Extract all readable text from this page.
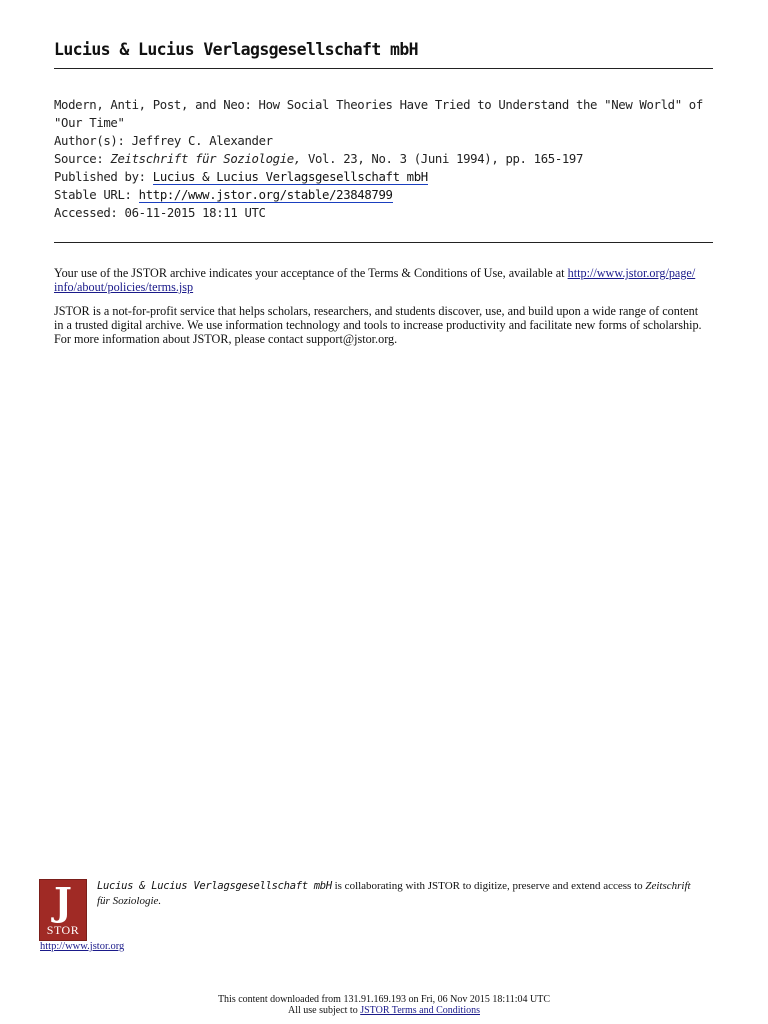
Lucius & Lucius Verlagsgesellschaft mbH
Modern, Anti, Post, and Neo: How Social Theories Have Tried to Understand the "New World" of
"Our Time"
Author(s): Jeffrey C. Alexander
Source: Zeitschrift für Soziologie, Vol. 23, No. 3 (Juni 1994), pp. 165-197
Published by: Lucius & Lucius Verlagsgesellschaft mbH
Stable URL: http://www.jstor.org/stable/23848799
Accessed: 06-11-2015 18:11 UTC

Your use of the JSTOR archive indicates your acceptance of the Terms & Conditions of Use, available at http://www.jstor.org/page/
info/about/policies/terms.jsp

JSTOR is a not-for-profit service that helps scholars, researchers, and students discover, use, and build upon a wide range of content
in a trusted digital archive. We use information technology and tools to increase productivity and facilitate new forms of scholarship.
For more information about JSTOR, please contact support@jstor.org.

J
STOR
http://www.jstor.org
Lucius & Lucius Verlagsgesellschaft mbH is collaborating with JSTOR to digitize, preserve and extend access to Zeitschrift
für Soziologie.
This content downloaded from 131.91.169.193 on Fri, 06 Nov 2015 18:11:04 UTC
All use subject to JSTOR Terms and Conditions
